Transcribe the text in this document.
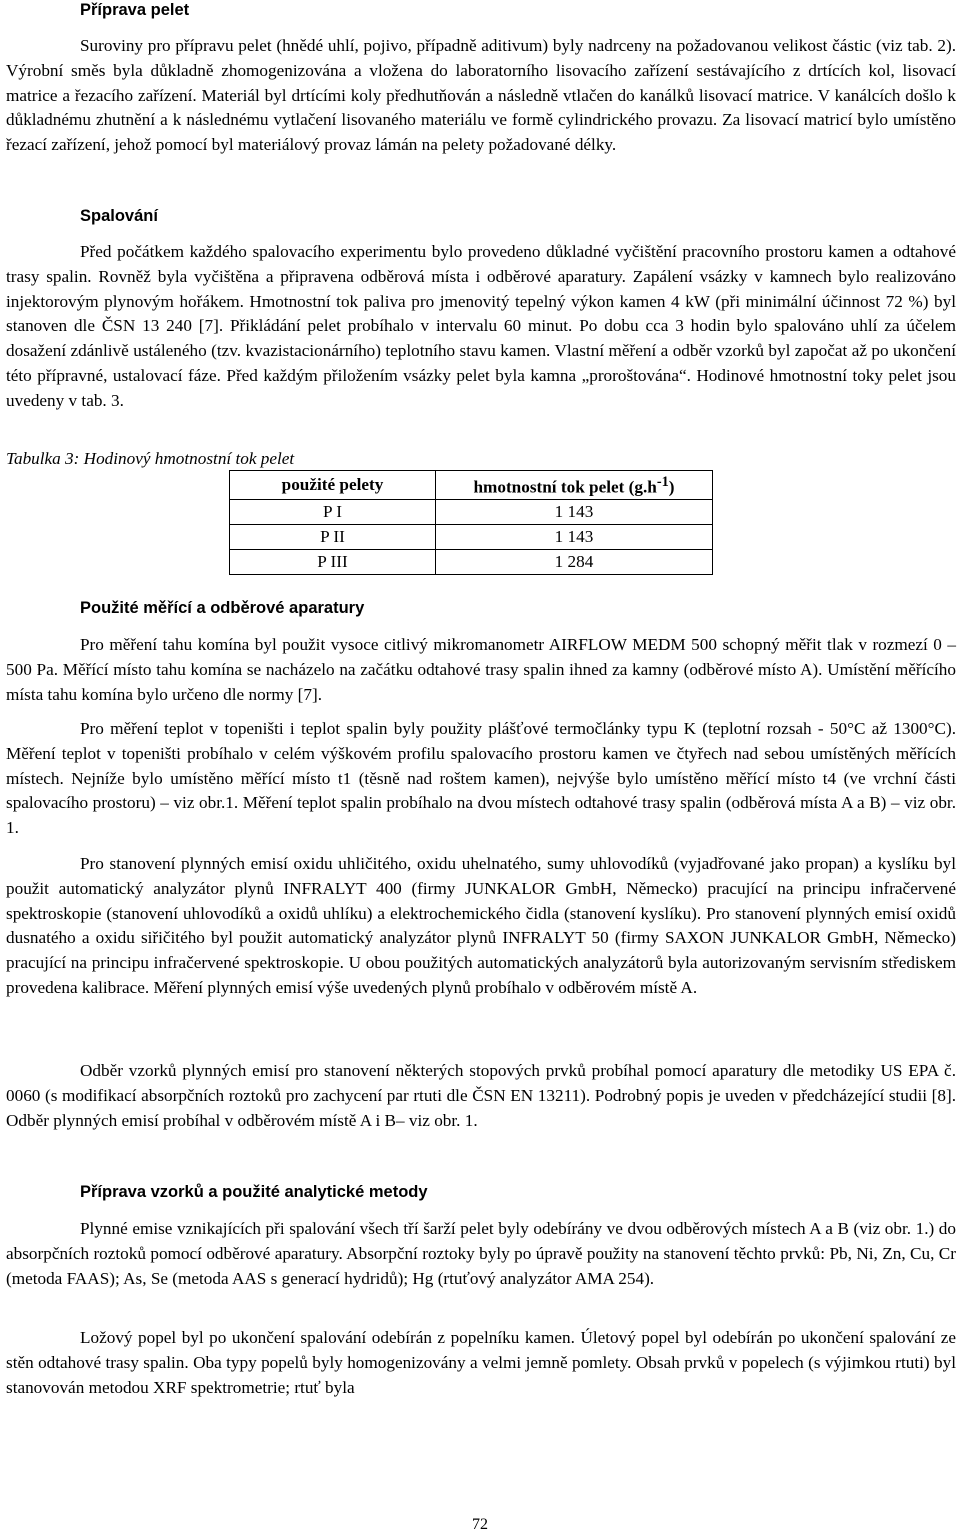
Příprava pelet

Suroviny pro přípravu pelet (hnědé uhlí, pojivo, případně aditivum) byly nadrceny na požadovanou velikost částic (viz tab. 2). Výrobní směs byla důkladně zhomogenizována a vložena do laboratorního lisovacího zařízení sestávajícího z drtících kol, lisovací matrice a řezacího zařízení. Materiál byl drtícími koly předhutňován a následně vtlačen do kanálků lisovací matrice. V kanálcích došlo k důkladnému zhutnění a k následnému vytlačení lisovaného materiálu ve formě cylindrického provazu. Za lisovací matricí bylo umístěno řezací zařízení, jehož pomocí byl materiálový provaz lámán na pelety požadované délky.

Spalování

Před počátkem každého spalovacího experimentu bylo provedeno důkladné vyčištění pracovního prostoru kamen a odtahové trasy spalin. Rovněž byla vyčištěna a připravena odběrová místa i odběrové aparatury. Zapálení vsázky v kamnech bylo realizováno injektorovým plynovým hořákem. Hmotnostní tok paliva pro jmenovitý tepelný výkon kamen 4 kW (při minimální účinnost 72 %) byl stanoven dle ČSN 13 240 [7]. Přikládání pelet probíhalo v intervalu 60 minut. Po dobu cca 3 hodin bylo spalováno uhlí za účelem dosažení zdánlivě ustáleného (tzv. kvazistacionárního) teplotního stavu kamen. Vlastní měření a odběr vzorků byl započat až po ukončení této přípravné, ustalovací fáze. Před každým přiložením vsázky pelet byla kamna „proroštována“. Hodinové hmotnostní toky pelet jsou uvedeny v tab. 3.

Tabulka 3: Hodinový hmotnostní tok pelet

použité pelety	hmotnostní tok pelet $(g.h^{-1})$
P I	1 143
P II	1 143
P III	1 284
Použité měřící a odběrové aparatury

Pro měření tahu komína byl použit vysoce citlivý mikromanometr AIRFLOW MEDM 500 schopný měřit tlak v rozmezí 0 – 500 Pa. Měřící místo tahu komína se nacházelo na začátku odtahové trasy spalin ihned za kamny (odběrové místo A). Umístění měřícího místa tahu komína bylo určeno dle normy [7].

Pro měření teplot v topeništi i teplot spalin byly použity plášťové termočlánky typu K (teplotní rozsah - 50°C až 1300°C). Měření teplot v topeništi probíhalo v celém výškovém profilu spalovacího prostoru kamen ve čtyřech nad sebou umístěných měřících místech. Nejníže bylo umístěno měřící místo t1 (těsně nad roštem kamen), nejvýše bylo umístěno měřící místo t4 (ve vrchní části spalovacího prostoru) – viz obr.1. Měření teplot spalin probíhalo na dvou místech odtahové trasy spalin (odběrová místa A a B) – viz obr. 1.

Pro stanovení plynných emisí oxidu uhličitého, oxidu uhelnatého, sumy uhlovodíků (vyjadřované jako propan) a kyslíku byl použit automatický analyzátor plynů INFRALYT 400 (firmy JUNKALOR GmbH, Německo) pracující na principu infračervené spektroskopie (stanovení uhlovodíků a oxidů uhlíku) a elektrochemického čidla (stanovení kyslíku). Pro stanovení plynných emisí oxidů dusnatého a oxidu siřičitého byl použit automatický analyzátor plynů INFRALYT 50 (firmy SAXON JUNKALOR GmbH, Německo) pracující na principu infračervené spektroskopie. U obou použitých automatických analyzátorů byla autorizovaným servisním střediskem provedena kalibrace. Měření plynných emisí výše uvedených plynů probíhalo v odběrovém místě A.

Odběr vzorků plynných emisí pro stanovení některých stopových prvků probíhal pomocí aparatury dle metodiky US EPA č. 0060 (s modifikací absorpčních roztoků pro zachycení par rtuti dle ČSN EN 13211). Podrobný popis je uveden v předcházející studii [8]. Odběr plynných emisí probíhal v odběrovém místě A i B– viz obr. 1.

Příprava vzorků a použité analytické metody

Plynné emise vznikajících při spalování všech tří šarží pelet byly odebírány ve dvou odběrových místech A a B (viz obr. 1.) do absorpčních roztoků pomocí odběrové aparatury. Absorpční roztoky byly po úpravě použity na stanovení těchto prvků: Pb, Ni, Zn, Cu, Cr (metoda FAAS); As, Se (metoda AAS s generací hydridů); Hg (rtuťový analyzátor AMA 254).

Ložový popel byl po ukončení spalování odebírán z popelníku kamen. Úletový popel byl odebírán po ukončení spalování ze stěn odtahové trasy spalin. Oba typy popelů byly homogenizovány a velmi jemně pomlety. Obsah prvků v popelech (s výjimkou rtuti) byl stanovován metodou XRF spektrometrie; rtuť byla

72
